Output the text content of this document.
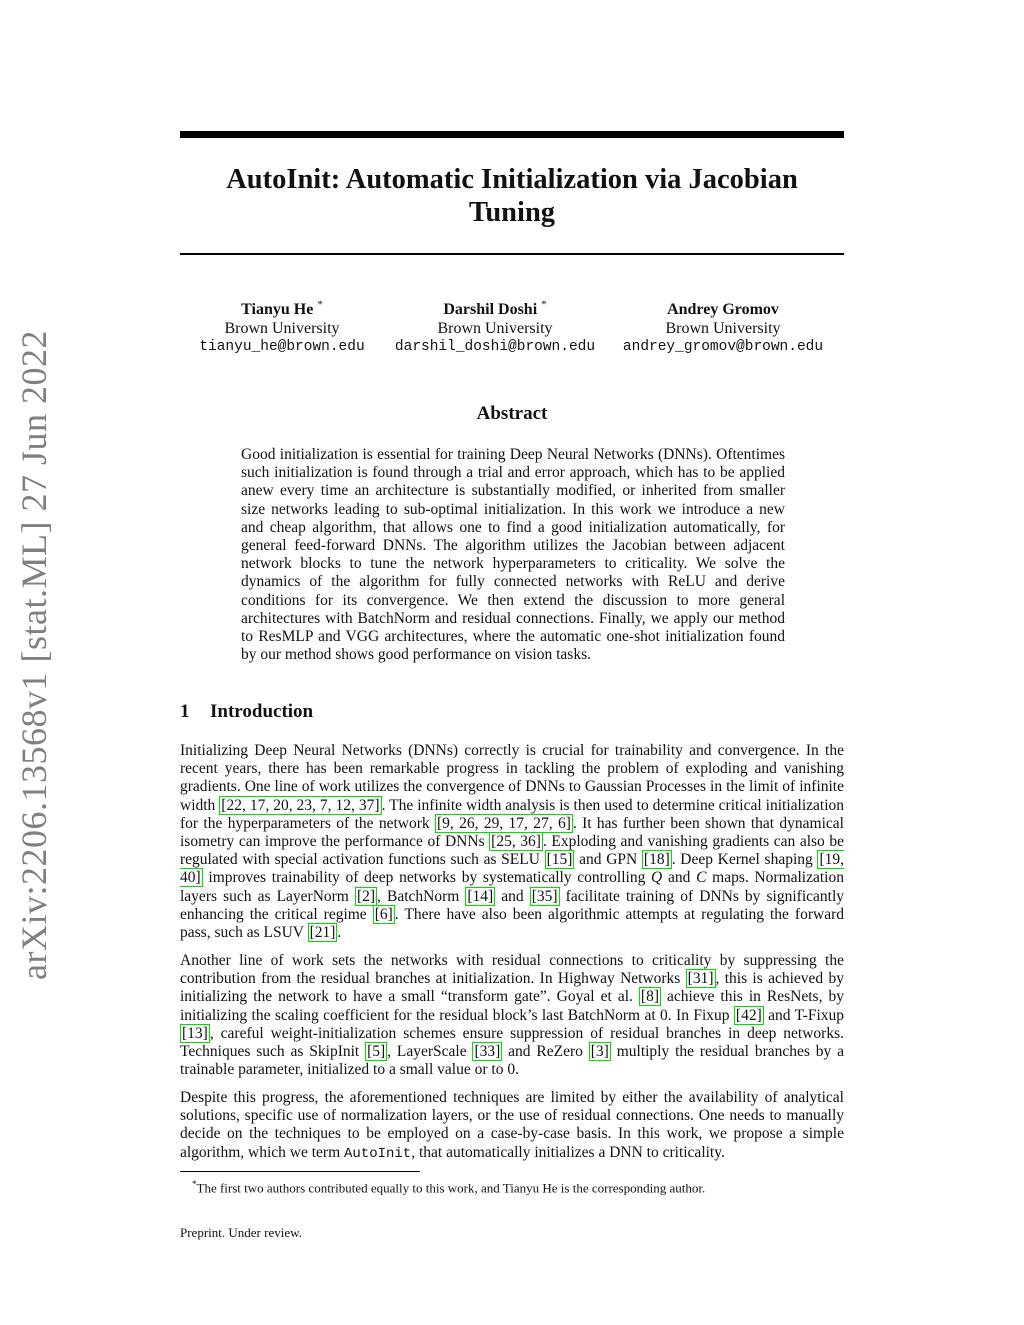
arXiv:2206.13568v1 [stat.ML] 27 Jun 2022
AutoInit: Automatic Initialization via Jacobian Tuning
Tianyu He *
Brown University
tianyu_he@brown.edu
Darshil Doshi *
Brown University
darshil_doshi@brown.edu
Andrey Gromov
Brown University
andrey_gromov@brown.edu
Abstract

Good initialization is essential for training Deep Neural Networks (DNNs). Oftentimes such initialization is found through a trial and error approach, which has to be applied anew every time an architecture is substantially modified, or inherited from smaller size networks leading to sub-optimal initialization. In this work we introduce a new and cheap algorithm, that allows one to find a good initialization automatically, for general feed-forward DNNs. The algorithm utilizes the Jacobian between adjacent network blocks to tune the network hyperparameters to criticality. We solve the dynamics of the algorithm for fully connected networks with ReLU and derive conditions for its convergence. We then extend the discussion to more general architectures with BatchNorm and residual connections. Finally, we apply our method to ResMLP and VGG architectures, where the automatic one-shot initialization found by our method shows good performance on vision tasks.

1 Introduction

Initializing Deep Neural Networks (DNNs) correctly is crucial for trainability and convergence. In the recent years, there has been remarkable progress in tackling the problem of exploding and vanishing gradients. One line of work utilizes the convergence of DNNs to Gaussian Processes in the limit of infinite width [22, 17, 20, 23, 7, 12, 37] . The infinite width analysis is then used to determine critical initialization for the hyperparameters of the network [9, 26, 29, 17, 27, 6] . It has further been shown that dynamical isometry can improve the performance of DNNs [25, 36] . Exploding and vanishing gradients can also be regulated with special activation functions such as SELU [15] and GPN [18] . Deep Kernel shaping [19, 40] improves trainability of deep networks by systematically controlling Q and C maps. Normalization layers such as LayerNorm [2] , BatchNorm [14] and [35] facilitate training of DNNs by significantly enhancing the critical regime [6] . There have also been algorithmic attempts at regulating the forward pass, such as LSUV [21] .

Another line of work sets the networks with residual connections to criticality by suppressing the contribution from the residual branches at initialization. In Highway Networks [31] , this is achieved by initializing the network to have a small “transform gate”. Goyal et al. [8] achieve this in ResNets, by initializing the scaling coefficient for the residual block’s last BatchNorm at 0. In Fixup [42] and T-Fixup [13] , careful weight-initialization schemes ensure suppression of residual branches in deep networks. Techniques such as SkipInit [5] , LayerScale [33] and ReZero [3] multiply the residual branches by a trainable parameter, initialized to a small value or to 0.

Despite this progress, the aforementioned techniques are limited by either the availability of analytical solutions, specific use of normalization layers, or the use of residual connections. One needs to manually decide on the techniques to be employed on a case-by-case basis. In this work, we propose a simple algorithm, which we term AutoInit, that automatically initializes a DNN to criticality.

*The first two authors contributed equally to this work, and Tianyu He is the corresponding author.

Preprint. Under review.
